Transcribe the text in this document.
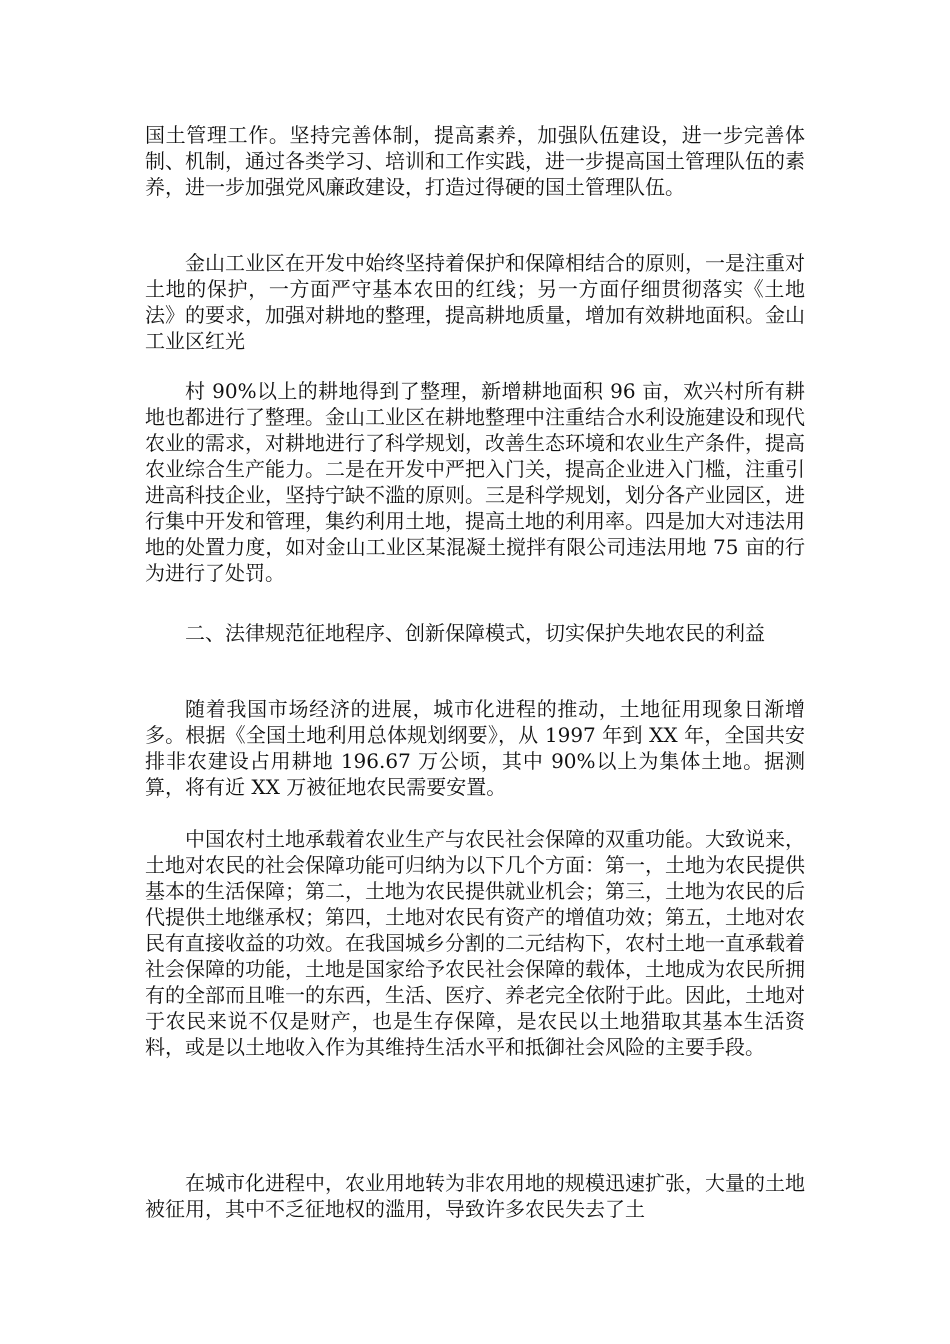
国土管理工作。坚持完善体制，提高素养，加强队伍建设，进一步完善体制、机制，通过各类学习、培训和工作实践，进一步提高国土管理队伍的素养，进一步加强党风廉政建设，打造过得硬的国土管理队伍。

金山工业区在开发中始终坚持着保护和保障相结合的原则，一是注重对土地的保护，一方面严守基本农田的红线；另一方面仔细贯彻落实《土地法》的要求，加强对耕地的整理，提高耕地质量，增加有效耕地面积。金山工业区红光

村 90%以上的耕地得到了整理，新增耕地面积 96 亩，欢兴村所有耕地也都进行了整理。金山工业区在耕地整理中注重结合水利设施建设和现代农业的需求，对耕地进行了科学规划，改善生态环境和农业生产条件，提高农业综合生产能力。二是在开发中严把入门关，提高企业进入门槛，注重引进高科技企业，坚持宁缺不滥的原则。三是科学规划，划分各产业园区，进行集中开发和管理，集约利用土地，提高土地的利用率。四是加大对违法用地的处置力度，如对金山工业区某混凝土搅拌有限公司违法用地 75 亩的行为进行了处罚。

二、法律规范征地程序、创新保障模式，切实保护失地农民的利益

随着我国市场经济的进展，城市化进程的推动，土地征用现象日渐增多。根据《全国土地利用总体规划纲要》，从 1997 年到 XX 年，全国共安排非农建设占用耕地 196.67 万公顷，其中 90%以上为集体土地。据测算，将有近 XX 万被征地农民需要安置。

中国农村土地承载着农业生产与农民社会保障的双重功能。大致说来，土地对农民的社会保障功能可归纳为以下几个方面：第一，土地为农民提供基本的生活保障；第二，土地为农民提供就业机会；第三，土地为农民的后代提供土地继承权；第四，土地对农民有资产的增值功效；第五，土地对农民有直接收益的功效。在我国城乡分割的二元结构下，农村土地一直承载着社会保障的功能，土地是国家给予农民社会保障的载体，土地成为农民所拥有的全部而且唯一的东西，生活、医疗、养老完全依附于此。因此，土地对于农民来说不仅是财产，也是生存保障，是农民以土地猎取其基本生活资料，或是以土地收入作为其维持生活水平和抵御社会风险的主要手段。

在城市化进程中，农业用地转为非农用地的规模迅速扩张，大量的土地被征用，其中不乏征地权的滥用，导致许多农民失去了土
